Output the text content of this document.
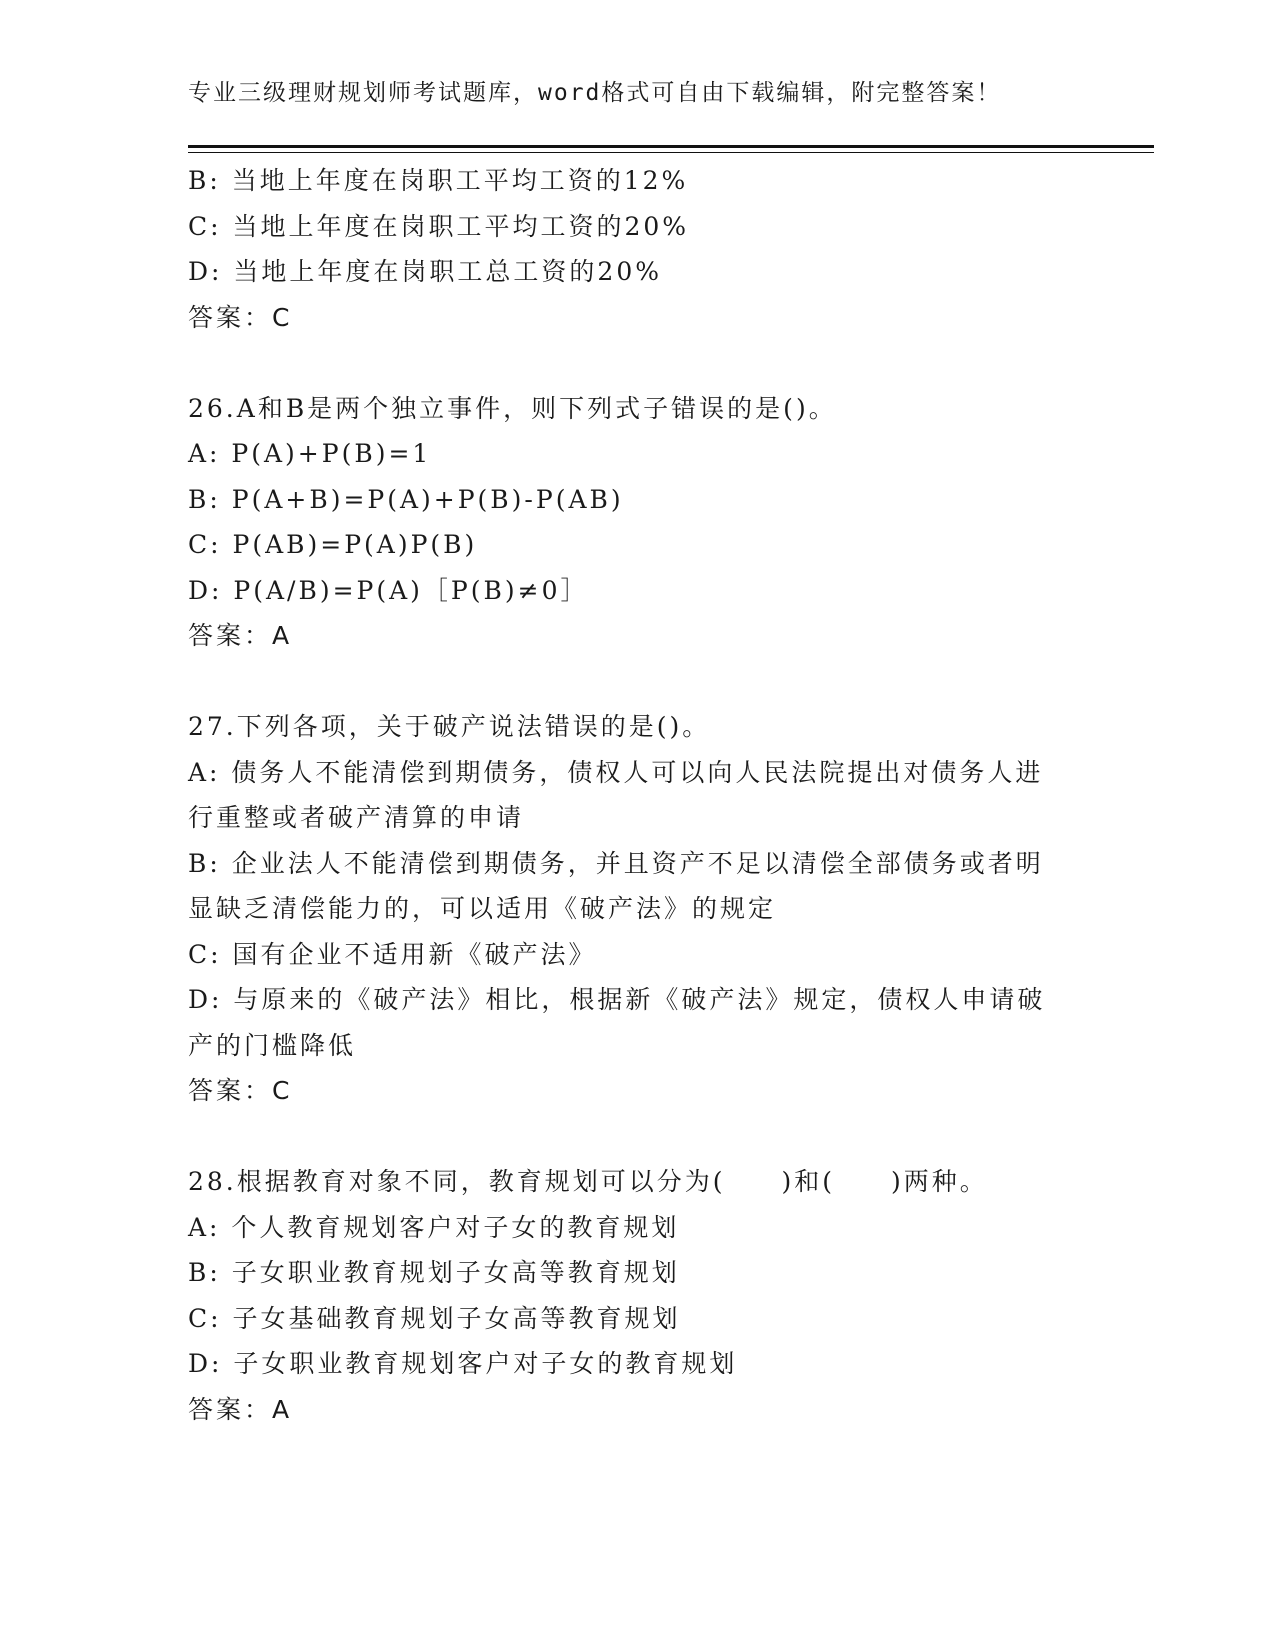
专业三级理财规划师考试题库，word格式可自由下载编辑，附完整答案！
B: 当地上年度在岗职工平均工资的12%
C: 当地上年度在岗职工平均工资的20%
D: 当地上年度在岗职工总工资的20%
答案：C
26.A和B是两个独立事件，则下列式子错误的是()。
A: P(A)+P(B)=1
B: P(A+B)=P(A)+P(B)-P(AB)
C: P(AB)=P(A)P(B)
D: P(A/B)=P(A)［P(B)≠0］
答案：A
27.下列各项，关于破产说法错误的是()。
A: 债务人不能清偿到期债务，债权人可以向人民法院提出对债务人进
行重整或者破产清算的申请
B: 企业法人不能清偿到期债务，并且资产不足以清偿全部债务或者明
显缺乏清偿能力的，可以适用《破产法》的规定
C: 国有企业不适用新《破产法》
D: 与原来的《破产法》相比，根据新《破产法》规定，债权人申请破
产的门槛降低
答案：C
28.根据教育对象不同，教育规划可以分为(　　)和(　　)两种。
A: 个人教育规划客户对子女的教育规划
B: 子女职业教育规划子女高等教育规划
C: 子女基础教育规划子女高等教育规划
D: 子女职业教育规划客户对子女的教育规划
答案：A
